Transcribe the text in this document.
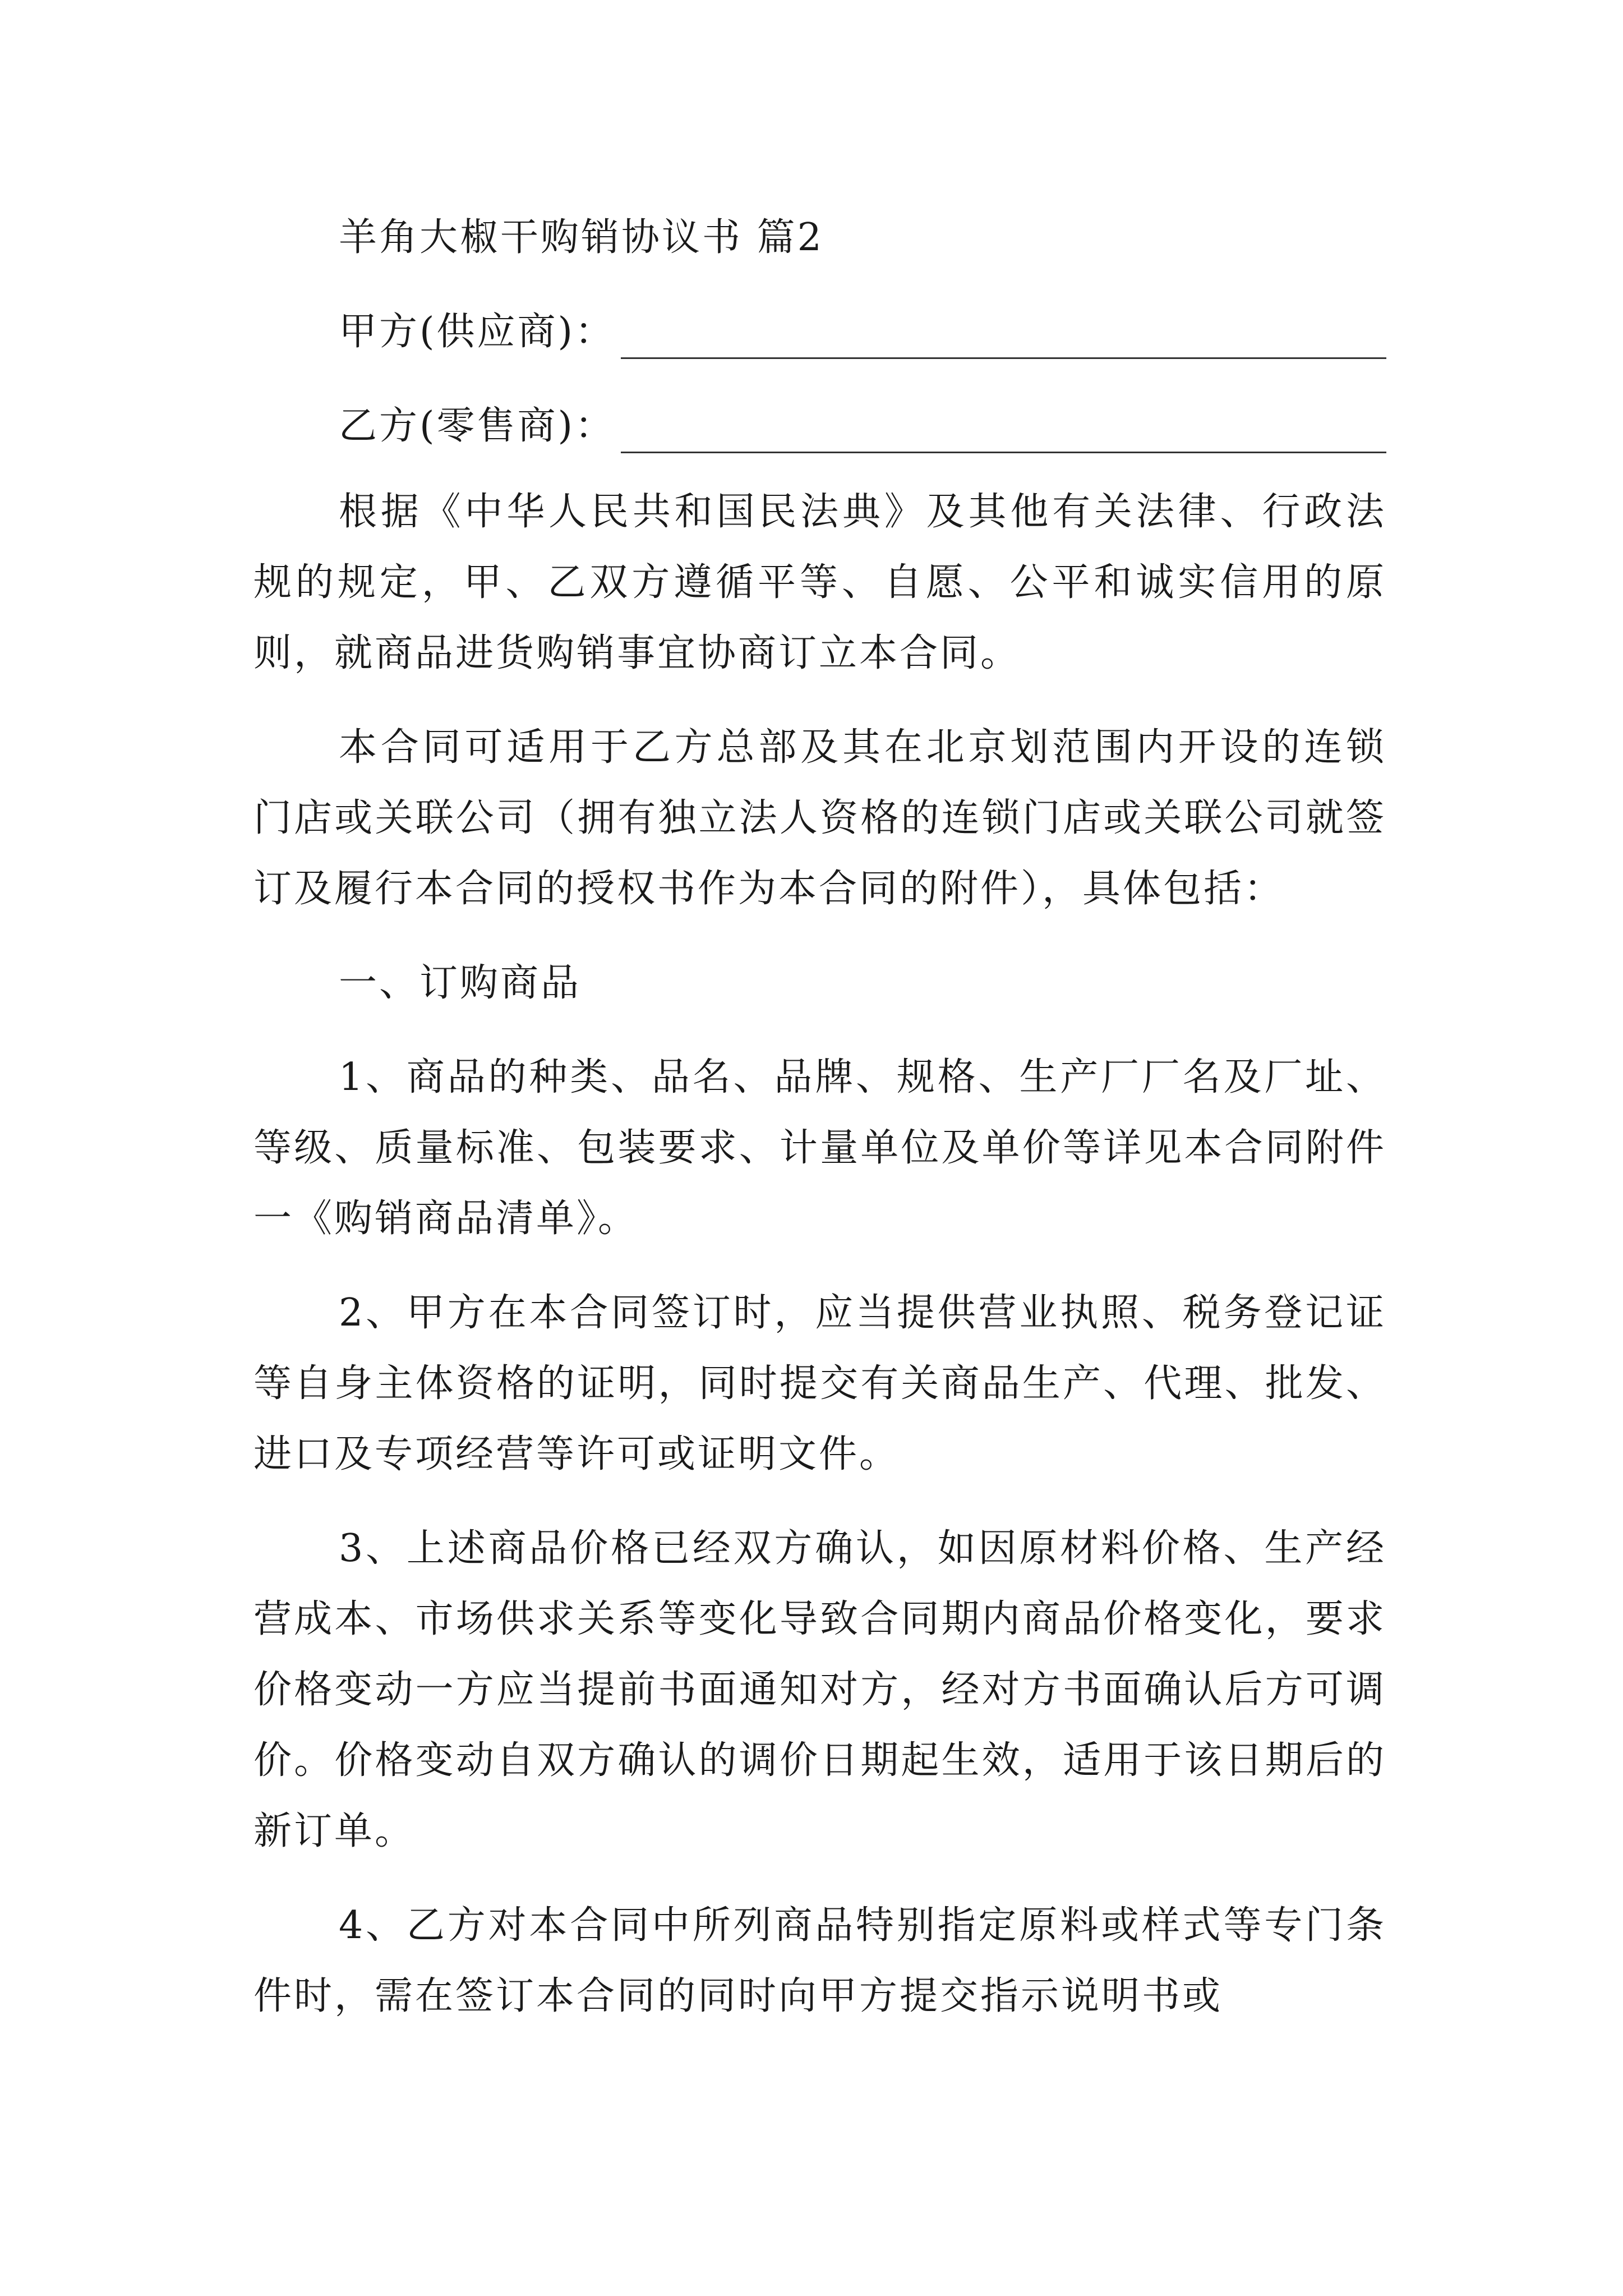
羊角大椒干购销协议书 篇2

甲方(供应商)：
乙方(零售商)：

根据《中华人民共和国民法典》及其他有关法律、行政法规的规定，甲、乙双方遵循平等、自愿、公平和诚实信用的原则，就商品进货购销事宜协商订立本合同。

本合同可适用于乙方总部及其在北京划范围内开设的连锁门店或关联公司（拥有独立法人资格的连锁门店或关联公司就签订及履行本合同的授权书作为本合同的附件），具体包括：

一、订购商品

1、商品的种类、品名、品牌、规格、生产厂厂名及厂址、等级、质量标准、包装要求、计量单位及单价等详见本合同附件一《购销商品清单》。

2、甲方在本合同签订时，应当提供营业执照、税务登记证等自身主体资格的证明，同时提交有关商品生产、代理、批发、进口及专项经营等许可或证明文件。

3、上述商品价格已经双方确认，如因原材料价格、生产经营成本、市场供求关系等变化导致合同期内商品价格变化，要求价格变动一方应当提前书面通知对方，经对方书面确认后方可调价。价格变动自双方确认的调价日期起生效，适用于该日期后的新订单。

4、乙方对本合同中所列商品特别指定原料或样式等专门条件时，需在签订本合同的同时向甲方提交指示说明书或
